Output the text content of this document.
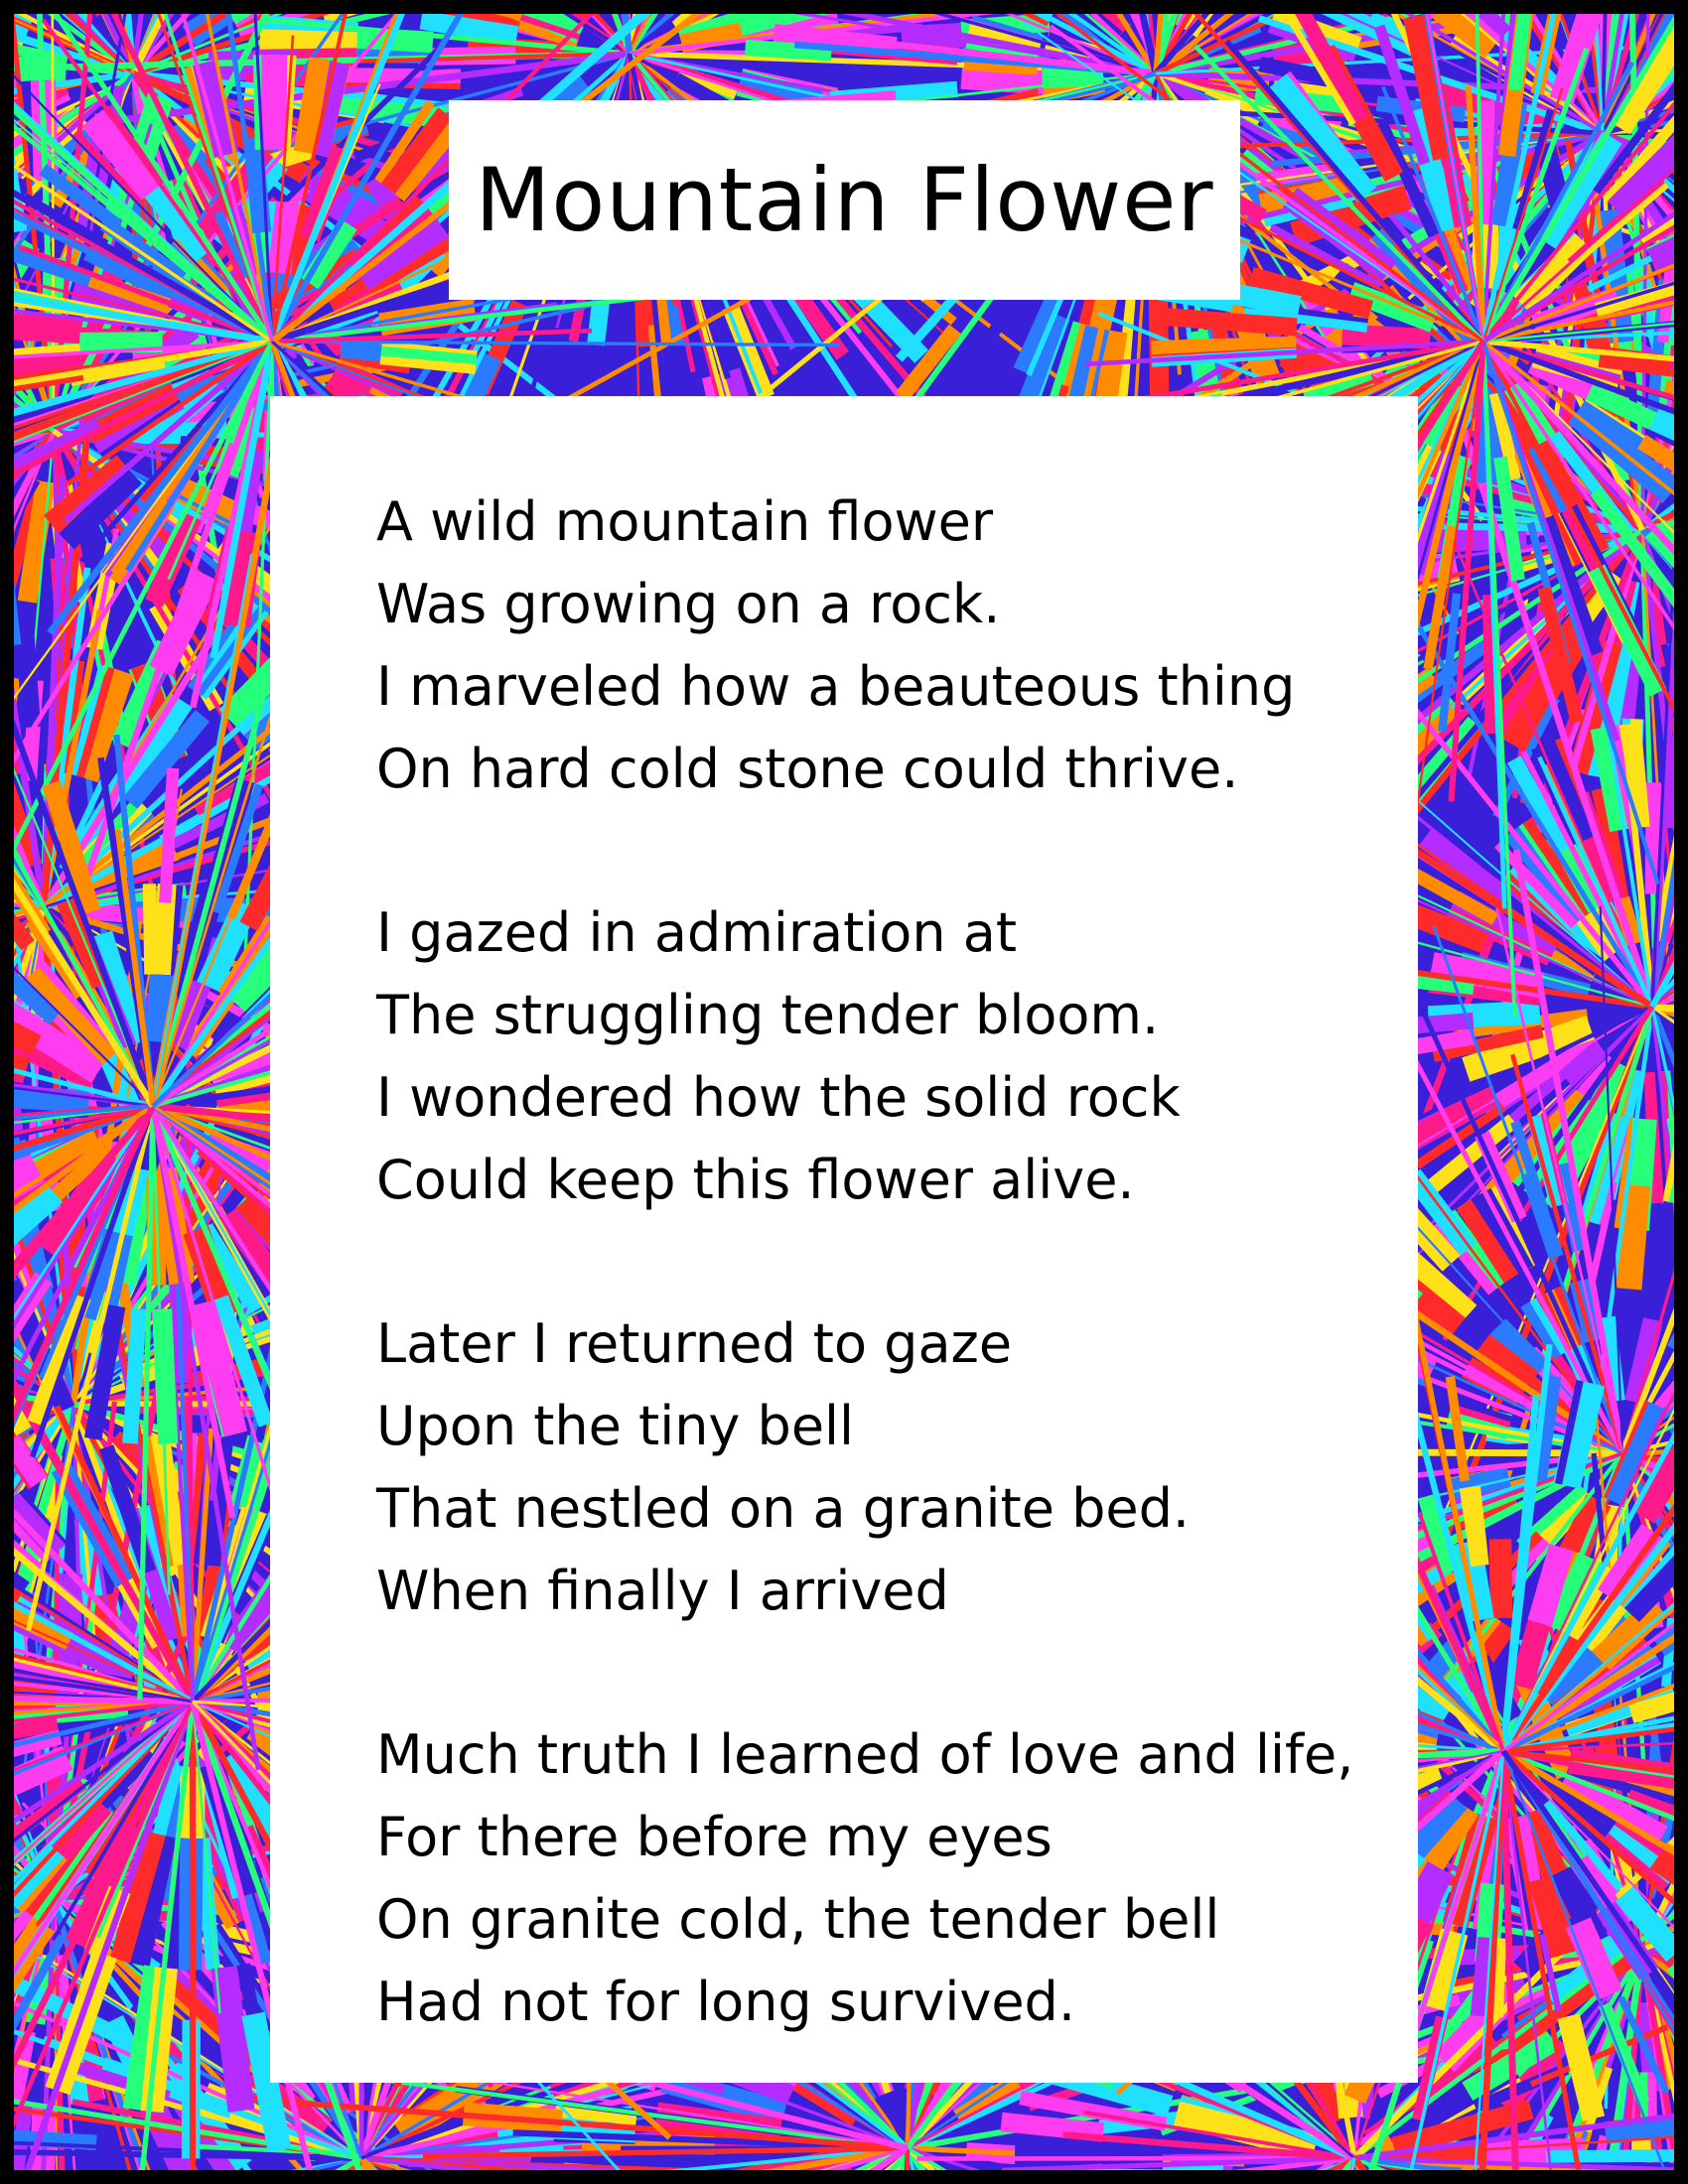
Mountain Flower
A wild mountain flower
Was growing on a rock.
I marveled how a beauteous thing
On hard cold stone could thrive.
I gazed in admiration at
The struggling tender bloom.
I wondered how the solid rock
Could keep this flower alive.
Later I returned to gaze
Upon the tiny bell
That nestled on a granite bed.
When finally I arrived
Much truth I learned of love and life,
For there before my eyes
On granite cold, the tender bell
Had not for long survived.
